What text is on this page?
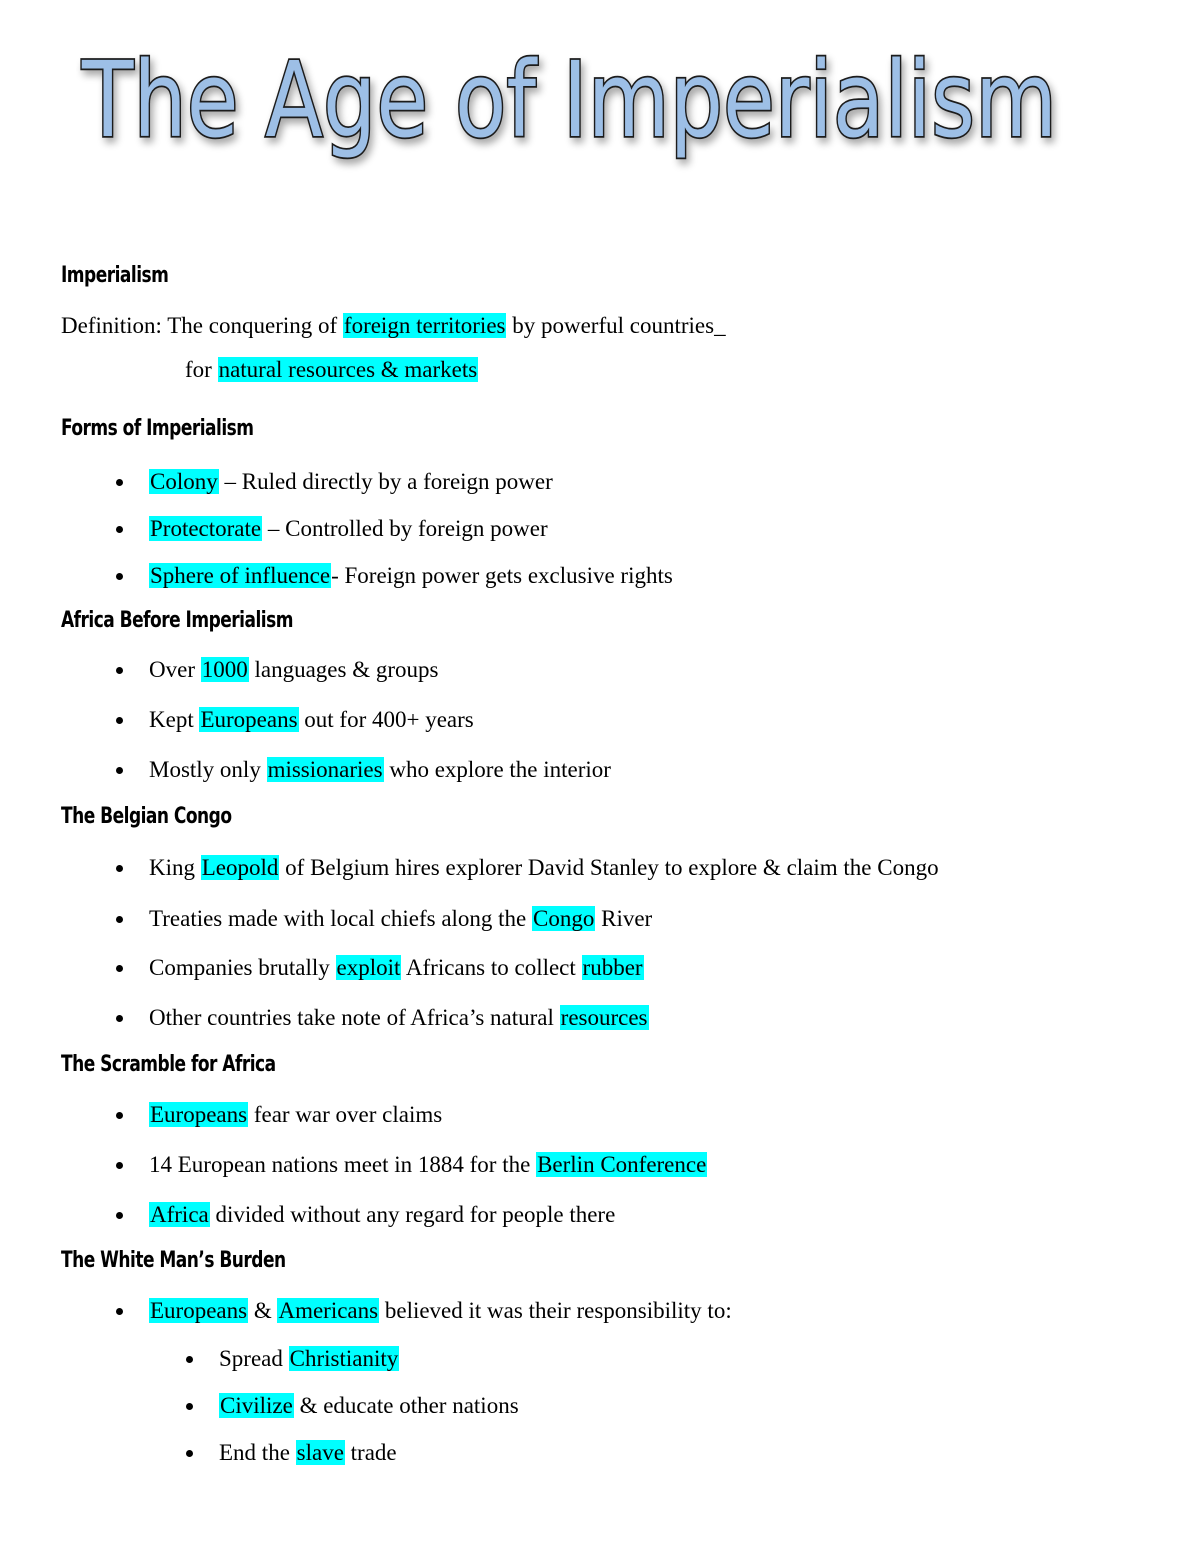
The Age of Imperialism
Imperialism
Definition: The conquering of foreign territories by powerful countries_
for natural resources & markets
Forms of Imperialism
Colony – Ruled directly by a foreign power
Protectorate – Controlled by foreign power
Sphere of influence- Foreign power gets exclusive rights
Africa Before Imperialism
Over 1000 languages & groups
Kept Europeans out for 400+ years
Mostly only missionaries who explore the interior
The Belgian Congo
King Leopold of Belgium hires explorer David Stanley to explore & claim the Congo
Treaties made with local chiefs along the Congo River
Companies brutally exploit Africans to collect rubber
Other countries take note of Africa’s natural resources
The Scramble for Africa
Europeans fear war over claims
14 European nations meet in 1884 for the Berlin Conference
Africa divided without any regard for people there
The White Man’s Burden
Europeans & Americans believed it was their responsibility to:
Spread Christianity
Civilize & educate other nations
End the slave trade
